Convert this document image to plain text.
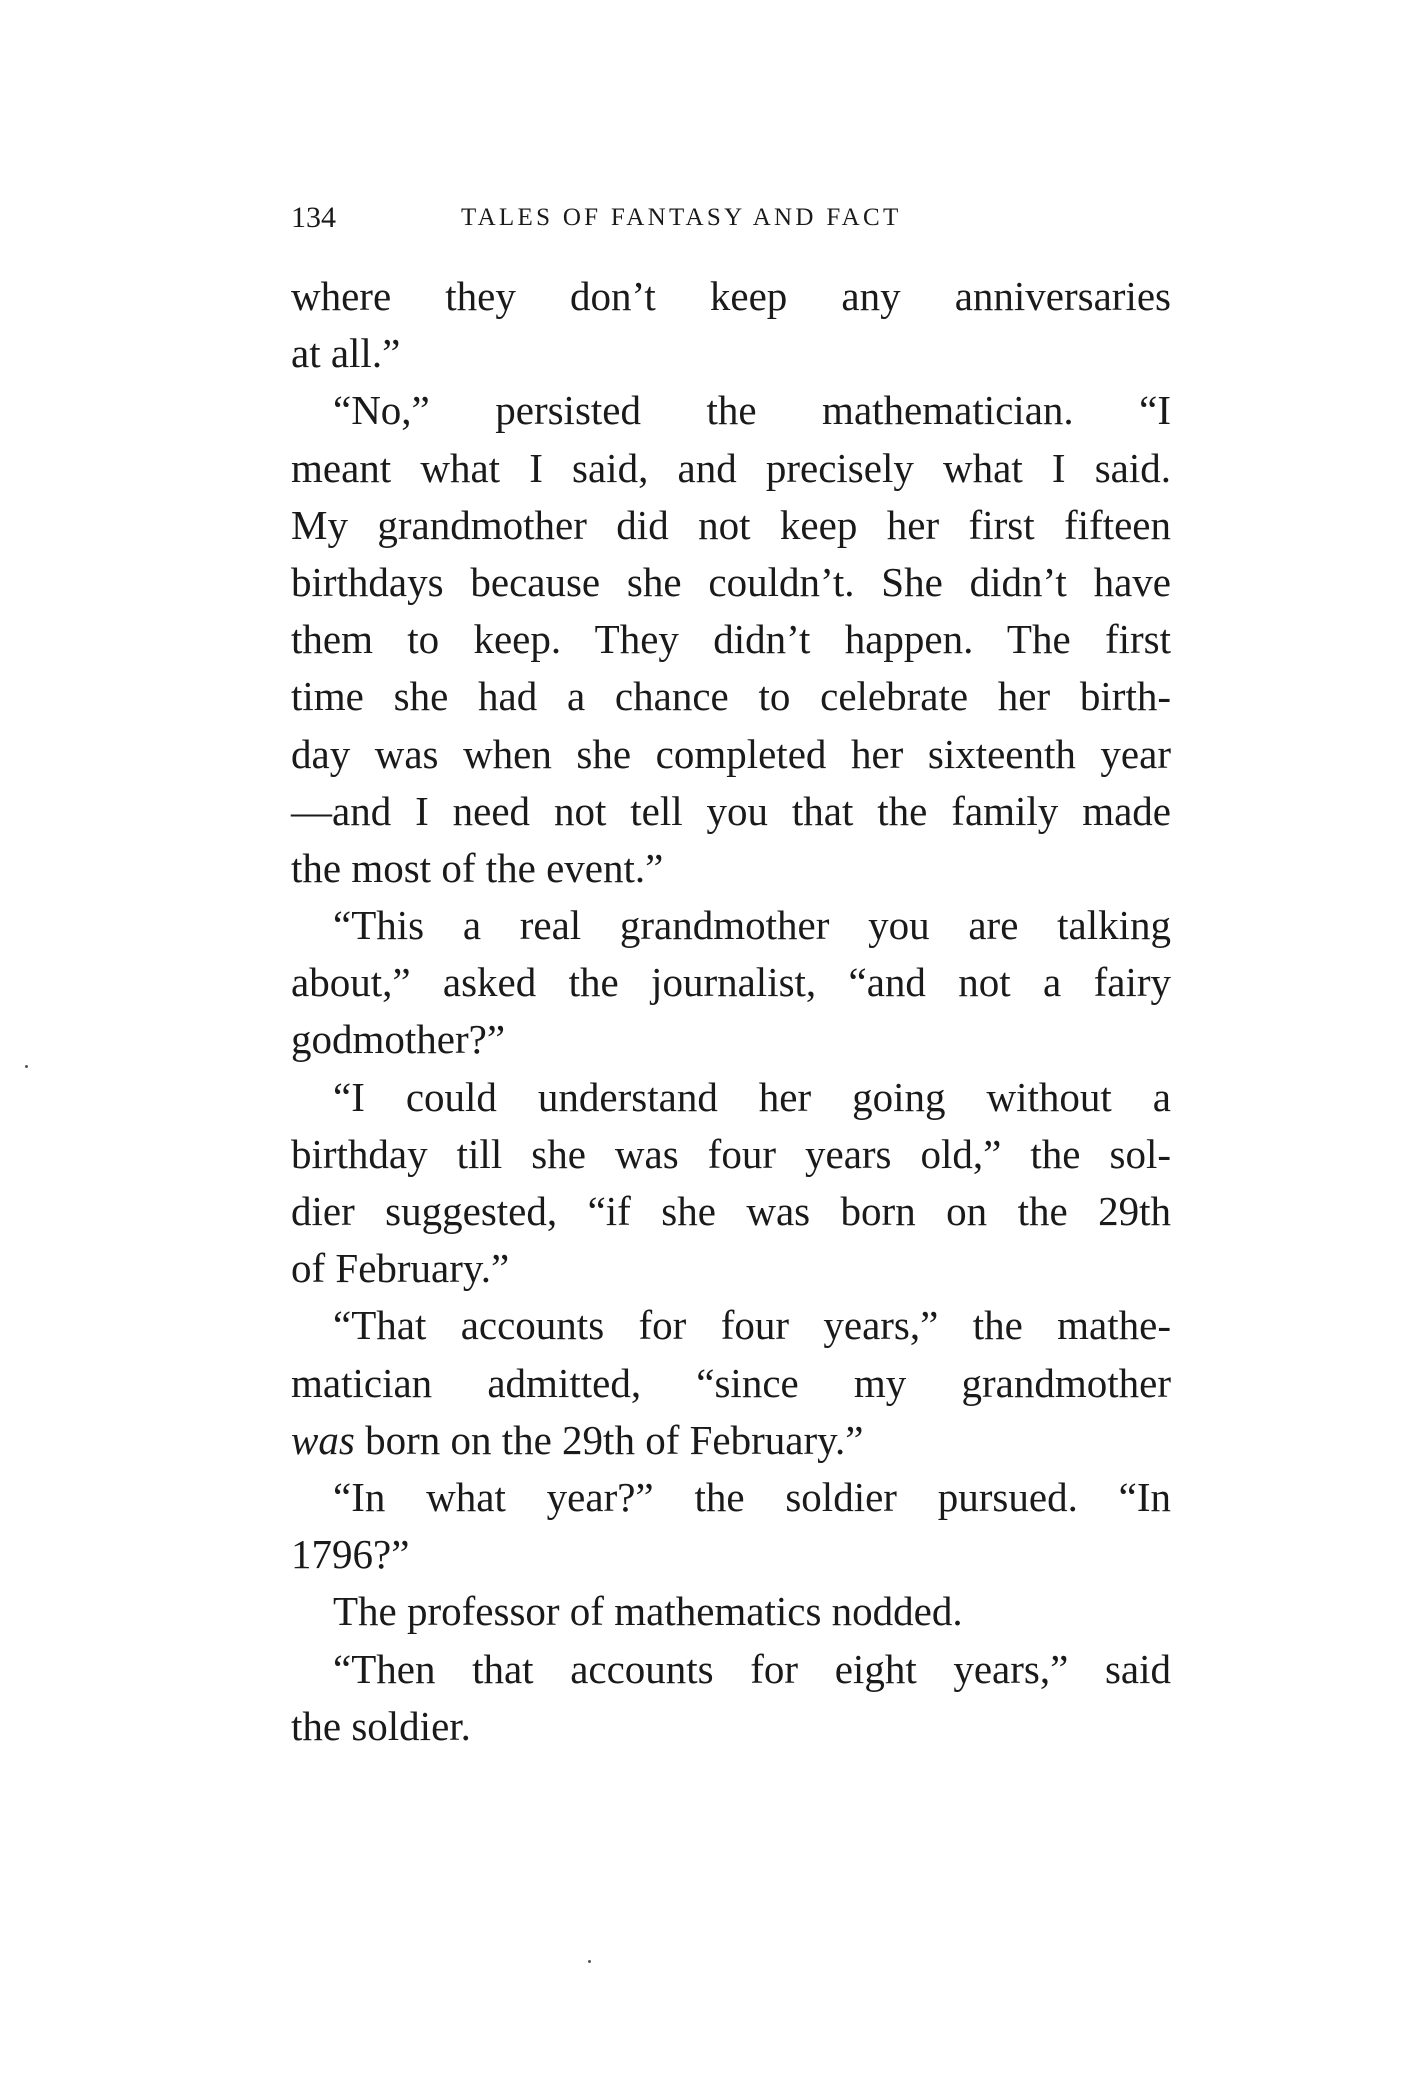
134	TALES OF FANTASY AND FACT
where they don’t keep any anniversaries
at all.”
“No,” persisted the mathematician. “I
meant what I said, and precisely what I said.
My grandmother did not keep her first fifteen
birthdays because she couldn’t. She didn’t have
them to keep. They didn’t happen. The first
time she had a chance to celebrate her birth-
day was when she completed her sixteenth year
—and I need not tell you that the family made
the most of the event.”
“This a real grandmother you are talking
about,” asked the journalist, “and not a fairy
godmother?”
“I could understand her going without a
birthday till she was four years old,” the sol-
dier suggested, “if she was born on the 29th
of February.”
“That accounts for four years,” the mathe-
matician admitted, “since my grandmother
was born on the 29th of February.”
“In what year?” the soldier pursued. “In
1796?”
The professor of mathematics nodded.
“Then that accounts for eight years,” said
the soldier.
